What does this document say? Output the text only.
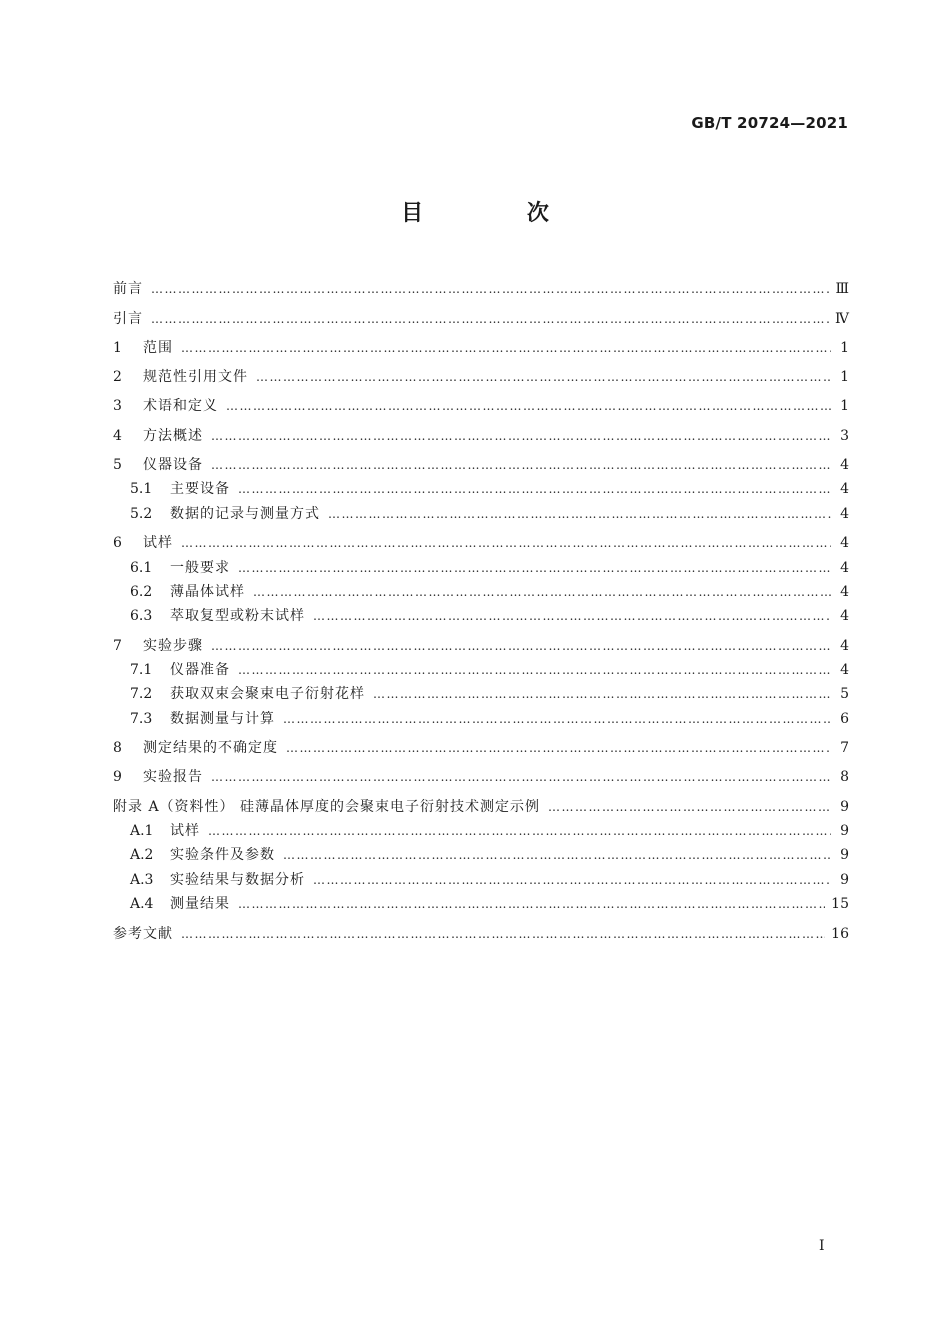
GB/T 20724—2021
目 次
前言 ………………………………………………………………………………………………………………………………………………………………………………………………………………………………………………	Ⅲ
引言 ………………………………………………………………………………………………………………………………………………………………………………………………………………………………………………	Ⅳ
1	范围 ………………………………………………………………………………………………………………………………………………………………………………………………………………………………………………	1
2	规范性引用文件 ………………………………………………………………………………………………………………………………………………………………………………………………………………………………………………	1
3	术语和定义 ………………………………………………………………………………………………………………………………………………………………………………………………………………………………………………	1
4	方法概述 ………………………………………………………………………………………………………………………………………………………………………………………………………………………………………………	3
5	仪器设备 ………………………………………………………………………………………………………………………………………………………………………………………………………………………………………………	4
5.1	主要设备 ………………………………………………………………………………………………………………………………………………………………………………………………………………………………………………	4
5.2	数据的记录与测量方式 ………………………………………………………………………………………………………………………………………………………………………………………………………………………………………………	4
6	试样 ………………………………………………………………………………………………………………………………………………………………………………………………………………………………………………	4
6.1	一般要求 ………………………………………………………………………………………………………………………………………………………………………………………………………………………………………………	4
6.2	薄晶体试样 ………………………………………………………………………………………………………………………………………………………………………………………………………………………………………………	4
6.3	萃取复型或粉末试样 ………………………………………………………………………………………………………………………………………………………………………………………………………………………………………………	4
7	实验步骤 ………………………………………………………………………………………………………………………………………………………………………………………………………………………………………………	4
7.1	仪器准备 ………………………………………………………………………………………………………………………………………………………………………………………………………………………………………………	4
7.2	获取双束会聚束电子衍射花样 ………………………………………………………………………………………………………………………………………………………………………………………………………………………………………………	5
7.3	数据测量与计算 ………………………………………………………………………………………………………………………………………………………………………………………………………………………………………………	6
8	测定结果的不确定度 ………………………………………………………………………………………………………………………………………………………………………………………………………………………………………………	7
9	实验报告 ………………………………………………………………………………………………………………………………………………………………………………………………………………………………………………	8
附录 A（资料性） 硅薄晶体厚度的会聚束电子衍射技术测定示例 ………………………………………………………………………………………………………………………………………………………………………………………………………………………………………………	9
A.1	试样 ………………………………………………………………………………………………………………………………………………………………………………………………………………………………………………	9
A.2	实验条件及参数 ………………………………………………………………………………………………………………………………………………………………………………………………………………………………………………	9
A.3	实验结果与数据分析 ………………………………………………………………………………………………………………………………………………………………………………………………………………………………………………	9
A.4	测量结果 ………………………………………………………………………………………………………………………………………………………………………………………………………………………………………………	15
参考文献 ………………………………………………………………………………………………………………………………………………………………………………………………………………………………………………	16
Ⅰ
